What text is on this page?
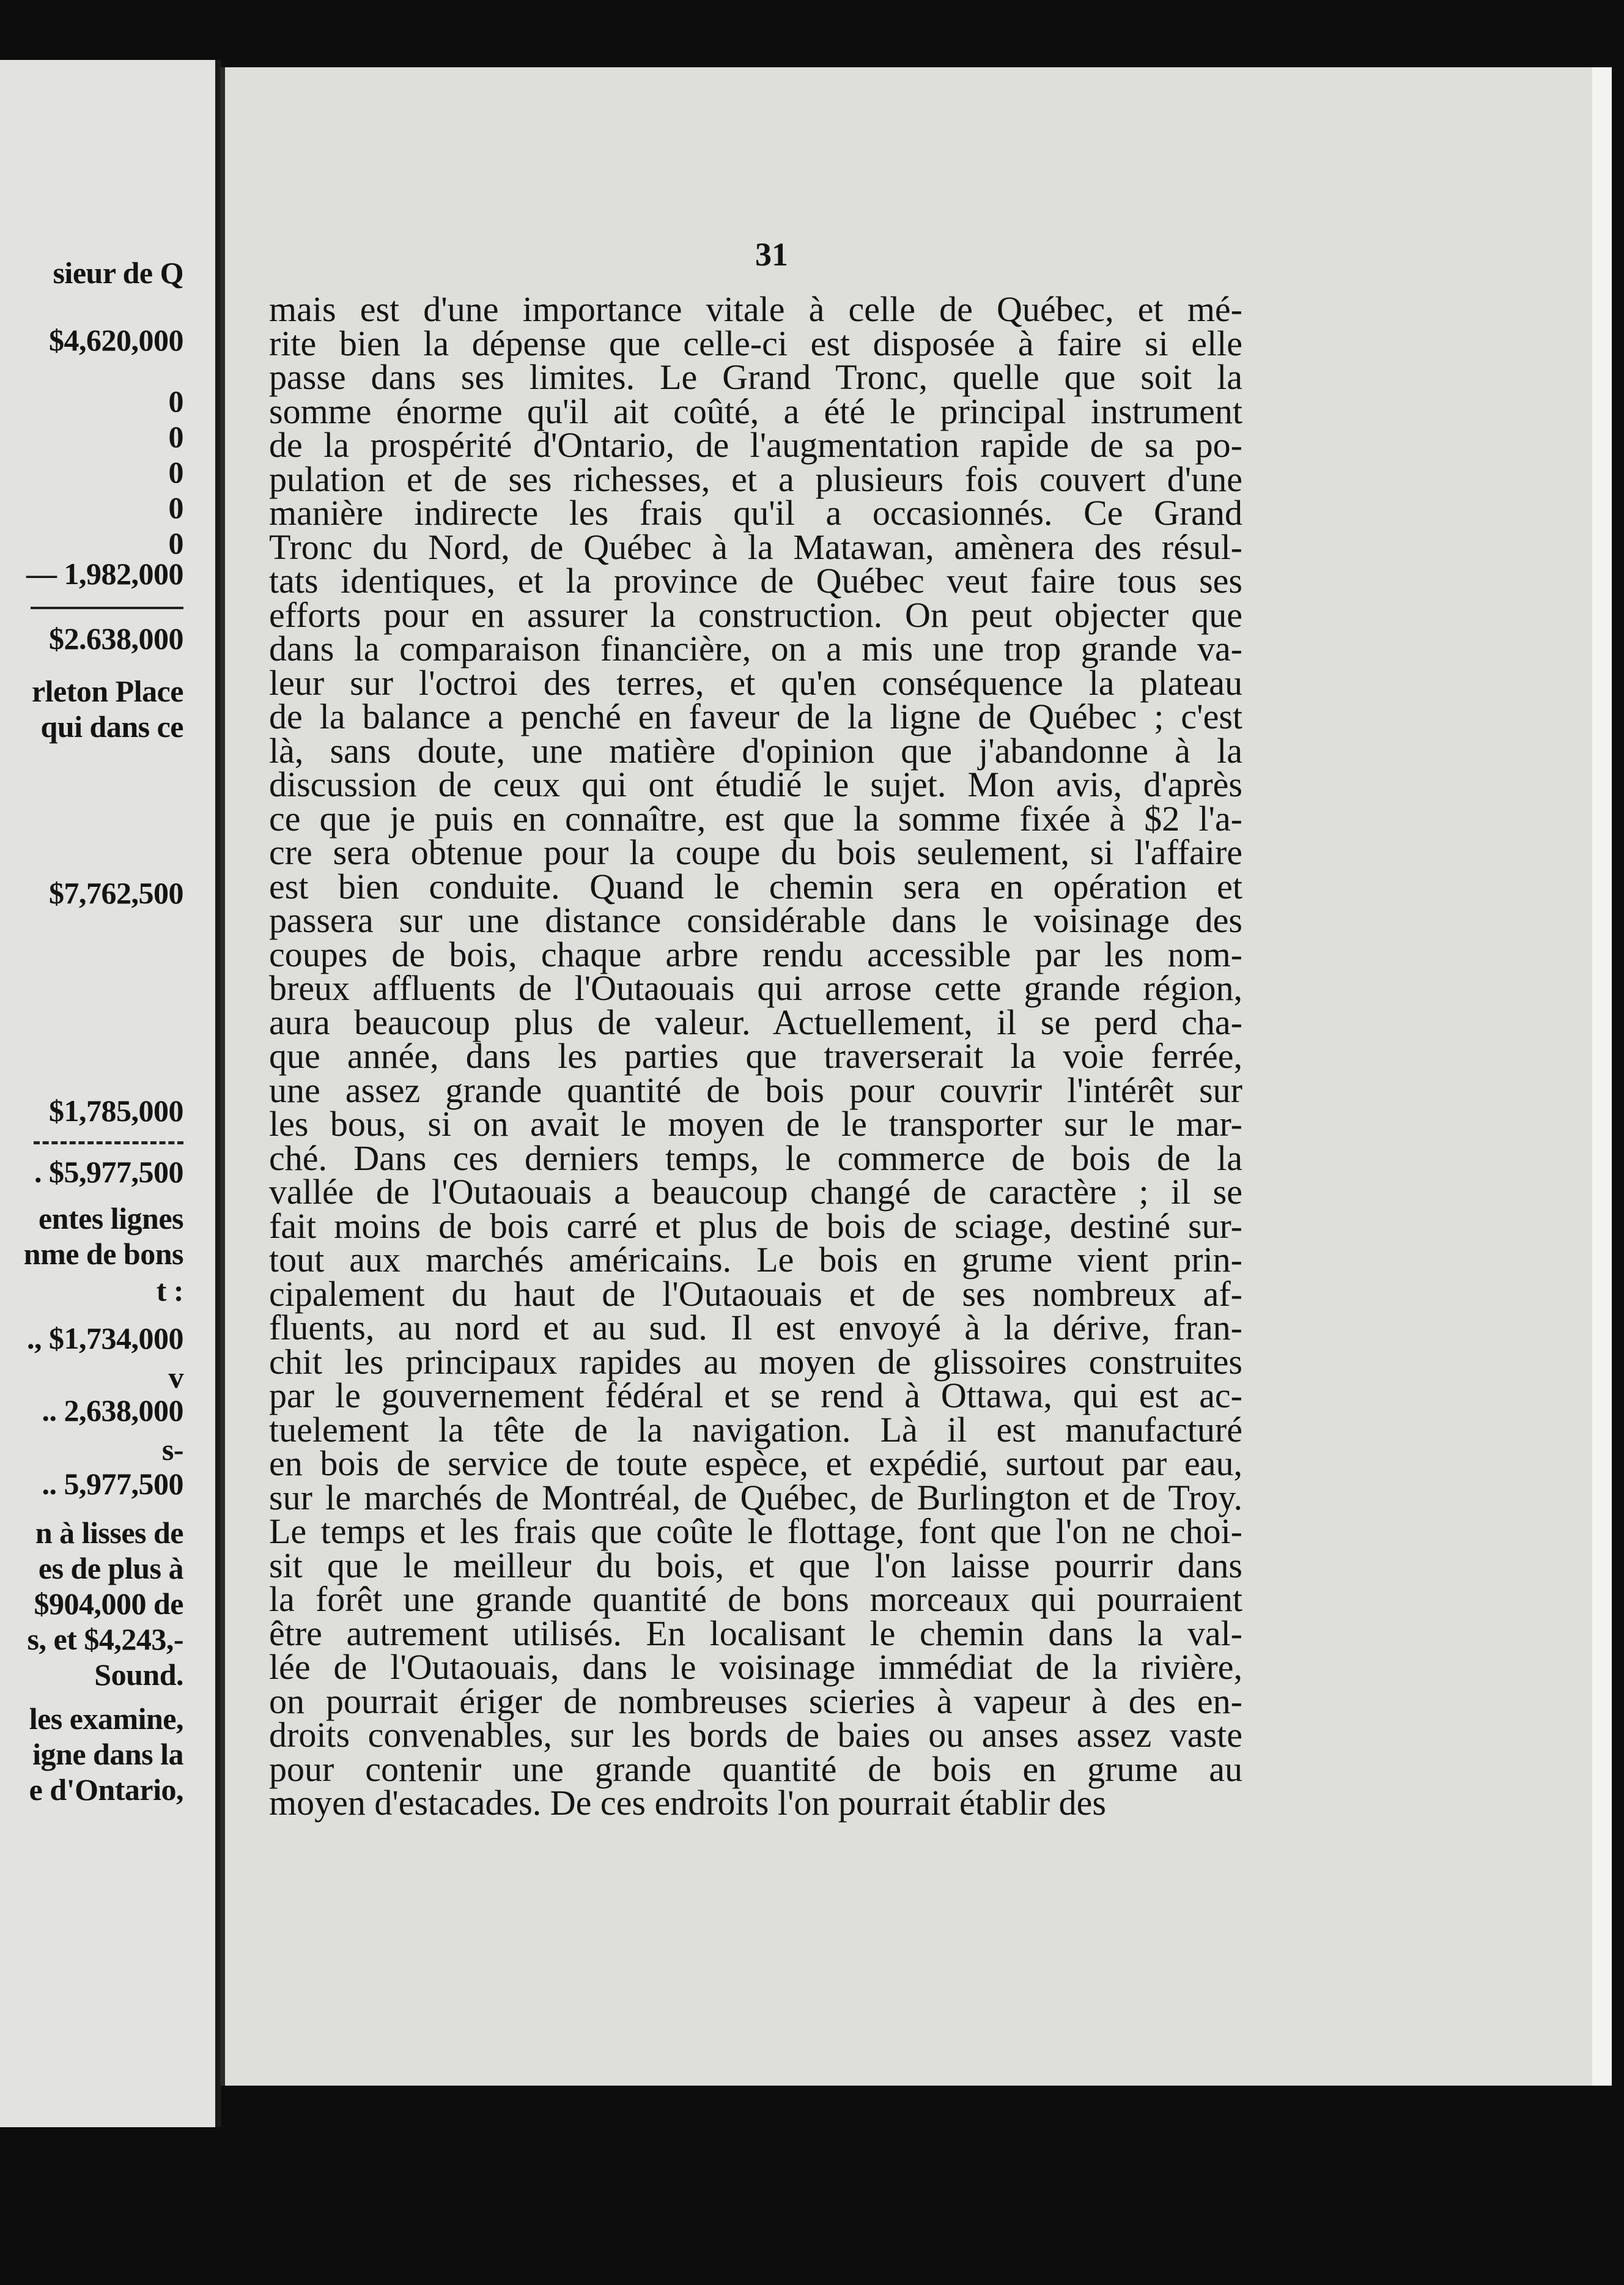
sieur de Q
$4,620,000
0
0
0
0
0
— 1,982,000
$2.638,000
rleton Place
qui dans ce
$7,762,500
$1,785,000
. $5,977,500
entes lignes
nme de bons
t :
., $1,734,000
v
.. 2,638,000
s-
.. 5,977,500
n à lisses de
es de plus à
$904,000 de
s, et $4,243,-
Sound.
les examine,
igne dans la
e d'Ontario,
31
mais est d'une importance vitale à celle de Québec, et mé-
rite bien la dépense que celle-ci est disposée à faire si elle
passe dans ses limites. Le Grand Tronc, quelle que soit la
somme énorme qu'il ait coûté, a été le principal instrument
de la prospérité d'Ontario, de l'augmentation rapide de sa po-
pulation et de ses richesses, et a plusieurs fois couvert d'une
manière indirecte les frais qu'il a occasionnés. Ce Grand
Tronc du Nord, de Québec à la Matawan, amènera des résul-
tats identiques, et la province de Québec veut faire tous ses
efforts pour en assurer la construction. On peut objecter que
dans la comparaison financière, on a mis une trop grande va-
leur sur l'octroi des terres, et qu'en conséquence la plateau
de la balance a penché en faveur de la ligne de Québec ; c'est
là, sans doute, une matière d'opinion que j'abandonne à la
discussion de ceux qui ont étudié le sujet. Mon avis, d'après
ce que je puis en connaître, est que la somme fixée à $2 l'a-
cre sera obtenue pour la coupe du bois seulement, si l'affaire
est bien conduite. Quand le chemin sera en opération et
passera sur une distance considérable dans le voisinage des
coupes de bois, chaque arbre rendu accessible par les nom-
breux affluents de l'Outaouais qui arrose cette grande région,
aura beaucoup plus de valeur. Actuellement, il se perd cha-
que année, dans les parties que traverserait la voie ferrée,
une assez grande quantité de bois pour couvrir l'intérêt sur
les bous, si on avait le moyen de le transporter sur le mar-
ché. Dans ces derniers temps, le commerce de bois de la
vallée de l'Outaouais a beaucoup changé de caractère ; il se
fait moins de bois carré et plus de bois de sciage, destiné sur-
tout aux marchés américains. Le bois en grume vient prin-
cipalement du haut de l'Outaouais et de ses nombreux af-
fluents, au nord et au sud. Il est envoyé à la dérive, fran-
chit les principaux rapides au moyen de glissoires construites
par le gouvernement fédéral et se rend à Ottawa, qui est ac-
tuelement la tête de la navigation. Là il est manufacturé
en bois de service de toute espèce, et expédié, surtout par eau,
sur le marchés de Montréal, de Québec, de Burlington et de Troy.
Le temps et les frais que coûte le flottage, font que l'on ne choi-
sit que le meilleur du bois, et que l'on laisse pourrir dans
la forêt une grande quantité de bons morceaux qui pourraient
être autrement utilisés. En localisant le chemin dans la val-
lée de l'Outaouais, dans le voisinage immédiat de la rivière,
on pourrait ériger de nombreuses scieries à vapeur à des en-
droits convenables, sur les bords de baies ou anses assez vaste
pour contenir une grande quantité de bois en grume au
moyen d'estacades. De ces endroits l'on pourrait établir des
